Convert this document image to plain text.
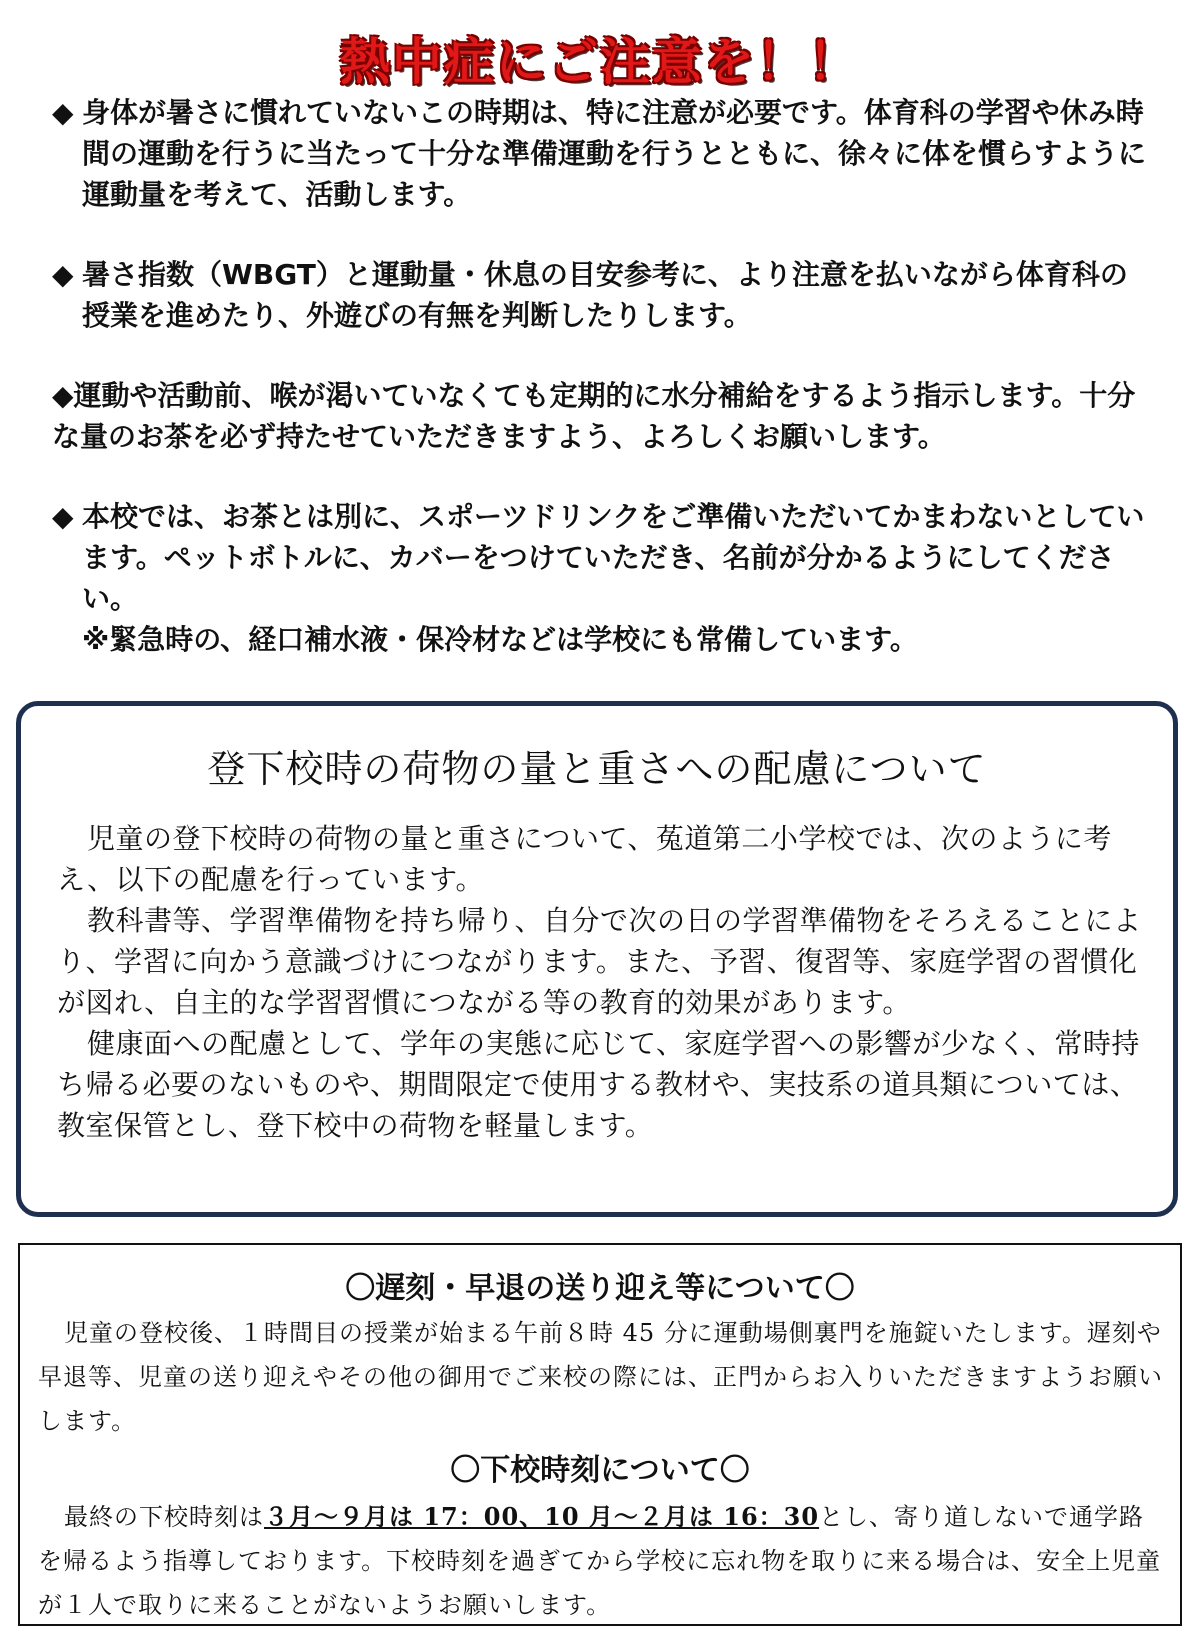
熱中症にご注意を！！
◆ 身体が暑さに慣れていないこの時期は、特に注意が必要です。体育科の学習や休み時間の運動を行うに当たって十分な準備運動を行うとともに、徐々に体を慣らすように運動量を考えて、活動します。
◆ 暑さ指数（WBGT）と運動量・休息の目安参考に、より注意を払いながら体育科の授業を進めたり、外遊びの有無を判断したりします。
◆運動や活動前、喉が渇いていなくても定期的に水分補給をするよう指示します。十分な量のお茶を必ず持たせていただきますよう、よろしくお願いします。
◆ 本校では、お茶とは別に、スポーツドリンクをご準備いただいてかまわないとしています。ペットボトルに、カバーをつけていただき、名前が分かるようにしてください。
※緊急時の、経口補水液・保冷材などは学校にも常備しています。
登下校時の荷物の量と重さへの配慮について

児童の登下校時の荷物の量と重さについて、菟道第二小学校では、次のように考え、以下の配慮を行っています。

教科書等、学習準備物を持ち帰り、自分で次の日の学習準備物をそろえることにより、学習に向かう意識づけにつながります。また、予習、復習等、家庭学習の習慣化が図れ、自主的な学習習慣につながる等の教育的効果があります。

健康面への配慮として、学年の実態に応じて、家庭学習への影響が少なく、常時持ち帰る必要のないものや、期間限定で使用する教材や、実技系の道具類については、教室保管とし、登下校中の荷物を軽量します。

〇遅刻・早退の送り迎え等について〇

児童の登校後、１時間目の授業が始まる午前８時 45 分に運動場側裏門を施錠いたします。遅刻や早退等、児童の送り迎えやその他の御用でご来校の際には、正門からお入りいただきますようお願いします。

〇下校時刻について〇

最終の下校時刻は３月～９月は 17：00、10 月～２月は 16：30とし、寄り道しないで通学路を帰るよう指導しております。下校時刻を過ぎてから学校に忘れ物を取りに来る場合は、安全上児童が１人で取りに来ることがないようお願いします。
